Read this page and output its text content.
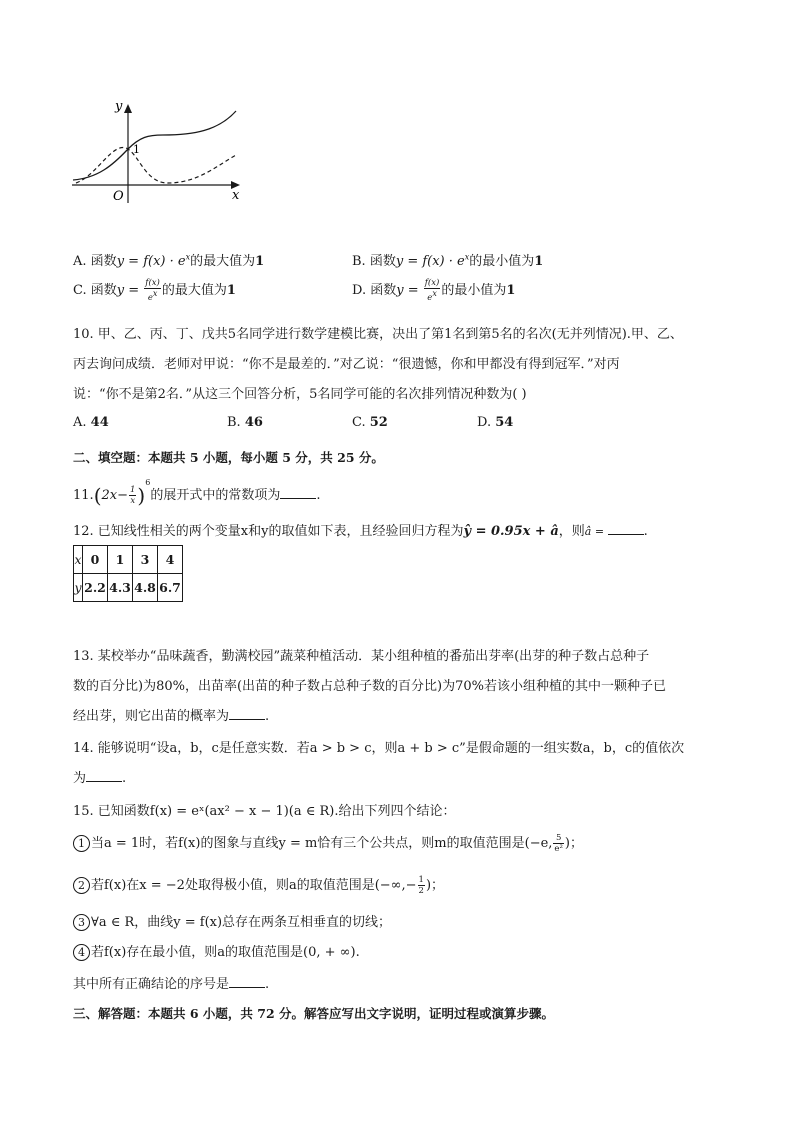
y
x
O
1
A. 函数$y = f(x) \cdot e^x$的最大值为1	B. 函数$y = f(x) \cdot e^x$的最小值为1
C. 函数$y = \frac{f(x)}{e^x}$ 的最大值为1	D. 函数$y = \frac{f(x)}{e^x}$ 的最小值为1
10. 甲、乙、丙、丁、戊共5名同学进行数学建模比赛，决出了第1名到第5名的名次(无并列情况).甲、乙、
丙去询问成绩．老师对甲说：“你不是最差的．”对乙说：“很遗憾，你和甲都没有得到冠军．”对丙
说：“你不是第2名．”从这三个回答分析，5名同学可能的名次排列情况种数为( )
A. 44	B. 46	C. 52	D. 54
二、填空题：本题共 5 小题，每小题 5 分，共 25 分。
$11.(2x- \frac{1}{x} )^6$的展开式中的常数项为	.
12. 已知线性相关的两个变量x和y的取值如下表，且经验回归方程为ŷ = 0.95x + â，则â =	.
x	0	1	3	4
y	2.2	4.3	4.8	6.7
13. 某校举办“品味蔬香，勤满校园”蔬菜种植活动．某小组种植的番茄出芽率(出芽的种子数占总种子
数的百分比)为80%，出苗率(出苗的种子数占总种子数的百分比)为70%若该小组种植的其中一颗种子已
经出芽，则它出苗的概率为	.
14. 能够说明“设a，b，c是任意实数．若a > b > c，则a + b > c”是假命题的一组实数a，b，c的值依次
为	.
15. 已知函数f(x) = eˣ(ax² − x − 1)(a ∈ R).给出下列四个结论：
1 当a = 1时，若f(x)的图象与直线y = m恰有三个公共点，则m的取值范围是(−e, $\frac{5}{\text{e²}}$ )；
2 若f(x)在x = −2处取得极小值，则a的取值范围是(−∞,− $\frac{1}{2}$ )；
3 ∀a ∈ R，曲线y = f(x)总存在两条互相垂直的切线；
4 若f(x)存在最小值，则a的取值范围是(0, + ∞).
其中所有正确结论的序号是	.
三、解答题：本题共 6 小题，共 72 分。解答应写出文字说明，证明过程或演算步骤。
